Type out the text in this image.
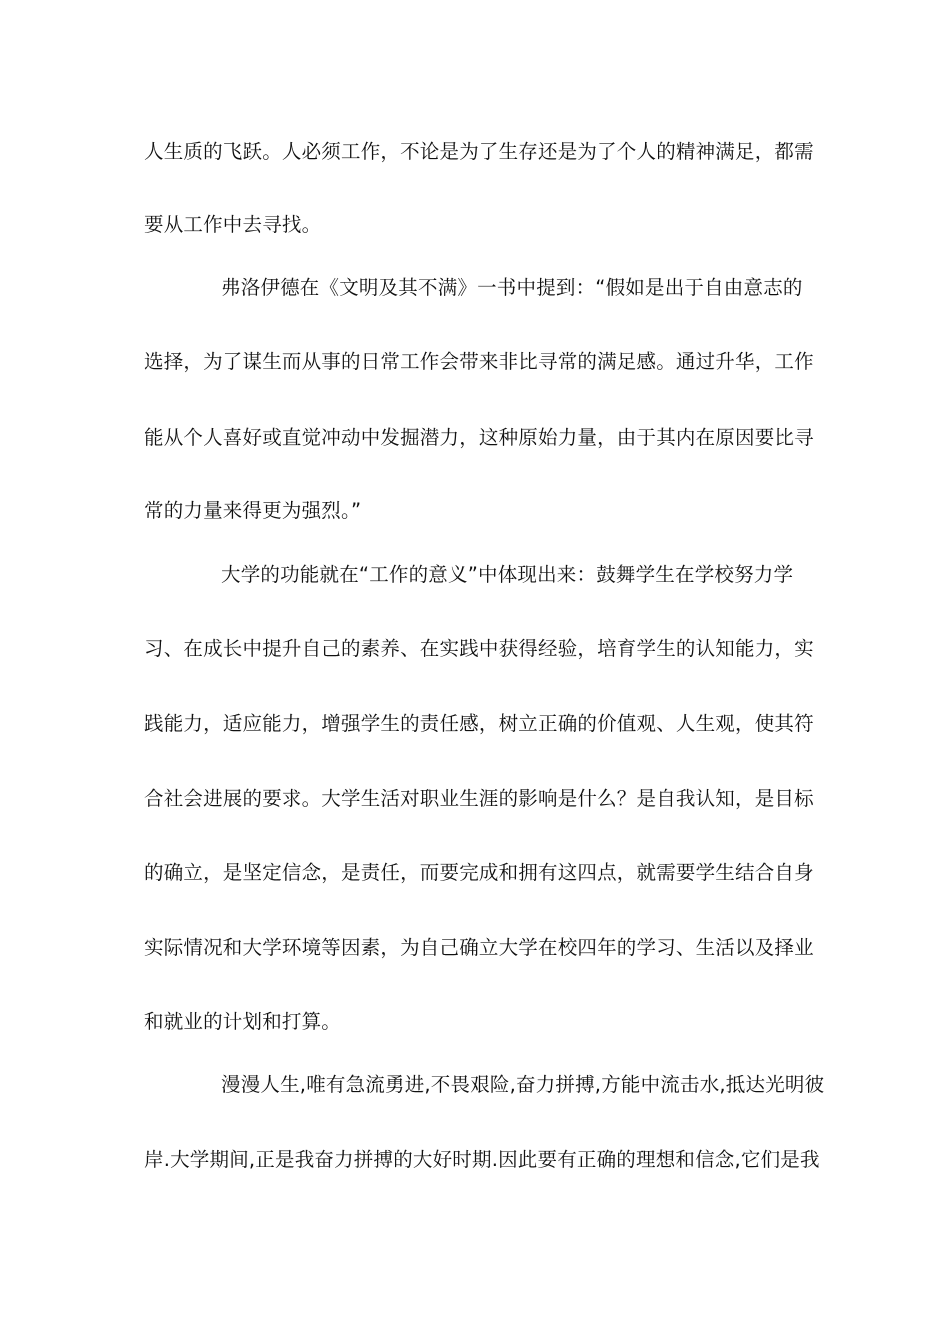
人生质的飞跃。人必须工作，不论是为了生存还是为了个人的精神满足，都需
要从工作中去寻找。
弗洛伊德在《文明及其不满》一书中提到：“假如是出于自由意志的
选择，为了谋生而从事的日常工作会带来非比寻常的满足感。通过升华，工作
能从个人喜好或直觉冲动中发掘潜力，这种原始力量，由于其内在原因要比寻
常的力量来得更为强烈。”
大学的功能就在“工作的意义”中体现出来：鼓舞学生在学校努力学
习、在成长中提升自己的素养、在实践中获得经验，培育学生的认知能力，实
践能力，适应能力，增强学生的责任感，树立正确的价值观、人生观，使其符
合社会进展的要求。大学生活对职业生涯的影响是什么？是自我认知，是目标
的确立，是坚定信念，是责任，而要完成和拥有这四点，就需要学生结合自身
实际情况和大学环境等因素，为自己确立大学在校四年的学习、生活以及择业
和就业的计划和打算。
漫漫人生,唯有急流勇进,不畏艰险,奋力拼搏,方能中流击水,抵达光明彼
岸.大学期间,正是我奋力拼搏的大好时期.因此要有正确的理想和信念,它们是我
